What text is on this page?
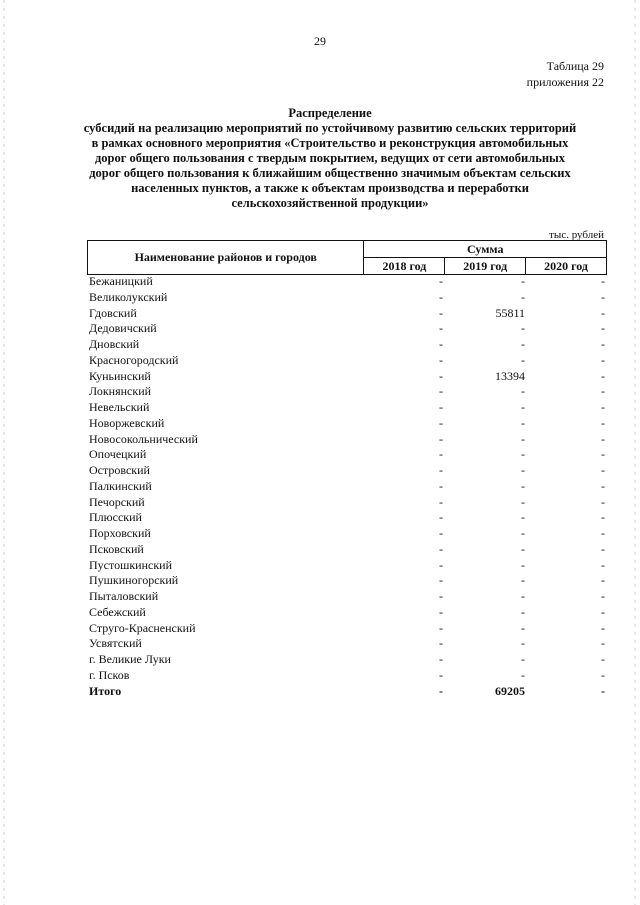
29
Таблица 29
приложения 22
Распределение
субсидий на реализацию мероприятий по устойчивому развитию сельских территорий
в рамках основного мероприятия «Строительство и реконструкция автомобильных
дорог общего пользования с твердым покрытием, ведущих от сети автомобильных
дорог общего пользования к ближайшим общественно значимым объектам сельских
населенных пунктов, а также к объектам производства и переработки
сельскохозяйственной продукции»
тыс. рублей
Наименование районов и городов	Сумма		
	2018 год	2019 год	2020 год
Бежаницкий	-	-	-
Великолукский	-	-	-
Гдовский	-	55811	-
Дедовичский	-	-	-
Дновский	-	-	-
Красногородский	-	-	-
Куньинский	-	13394	-
Локнянский	-	-	-
Невельский	-	-	-
Новоржевский	-	-	-
Новосокольнический	-	-	-
Опочецкий	-	-	-
Островский	-	-	-
Палкинский	-	-	-
Печорский	-	-	-
Плюсский	-	-	-
Порховский	-	-	-
Псковский	-	-	-
Пустошкинский	-	-	-
Пушкиногорский	-	-	-
Пыталовский	-	-	-
Себежский	-	-	-
Струго-Красненский	-	-	-
Усвятский	-	-	-
г. Великие Луки	-	-	-
г. Псков	-	-	-
Итого	-	69205	-
